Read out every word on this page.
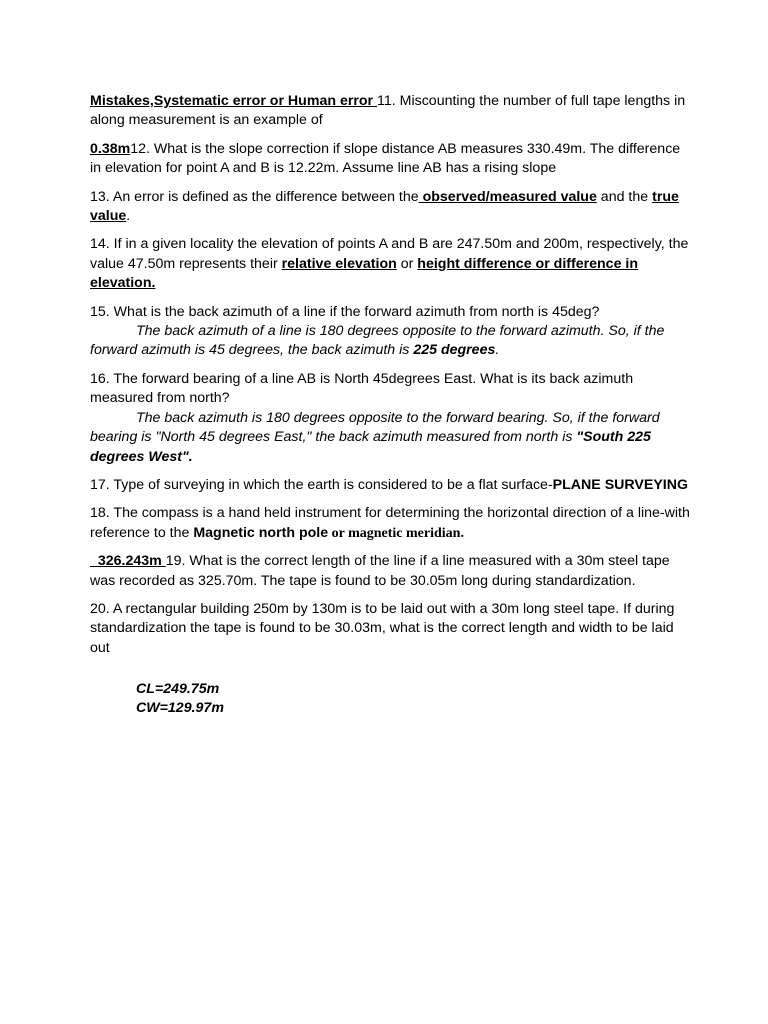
Mistakes,Systematic error or Human error 11. Miscounting the number of full tape lengths in along measurement is an example of

0.38m12. What is the slope correction if slope distance AB measures 330.49m. The difference in elevation for point A and B is 12.22m. Assume line AB has a rising slope

13. An error is defined as the difference between the observed/measured value and the true value.

14. If in a given locality the elevation of points A and B are 247.50m and 200m, respectively, the value 47.50m represents their relative elevation or height difference or difference in elevation.

15. What is the back azimuth of a line if the forward azimuth from north is 45deg?
The back azimuth of a line is 180 degrees opposite to the forward azimuth. So, if the forward azimuth is 45 degrees, the back azimuth is 225 degrees.
16. The forward bearing of a line AB is North 45degrees East. What is its back azimuth measured from north?
The back azimuth is 180 degrees opposite to the forward bearing. So, if the forward bearing is "North 45 degrees East," the back azimuth measured from north is "South 225 degrees West".

17. Type of surveying in which the earth is considered to be a flat surface-PLANE SURVEYING

18. The compass is a hand held instrument for determining the horizontal direction of a line-with reference to the Magnetic north pole or magnetic meridian.

326.243m 19. What is the correct length of the line if a line measured with a 30m steel tape was recorded as 325.70m. The tape is found to be 30.05m long during standardization.

20. A rectangular building 250m by 130m is to be laid out with a 30m long steel tape. If during standardization the tape is found to be 30.03m, what is the correct length and width to be laid out
CL=249.75m
CW=129.97m
